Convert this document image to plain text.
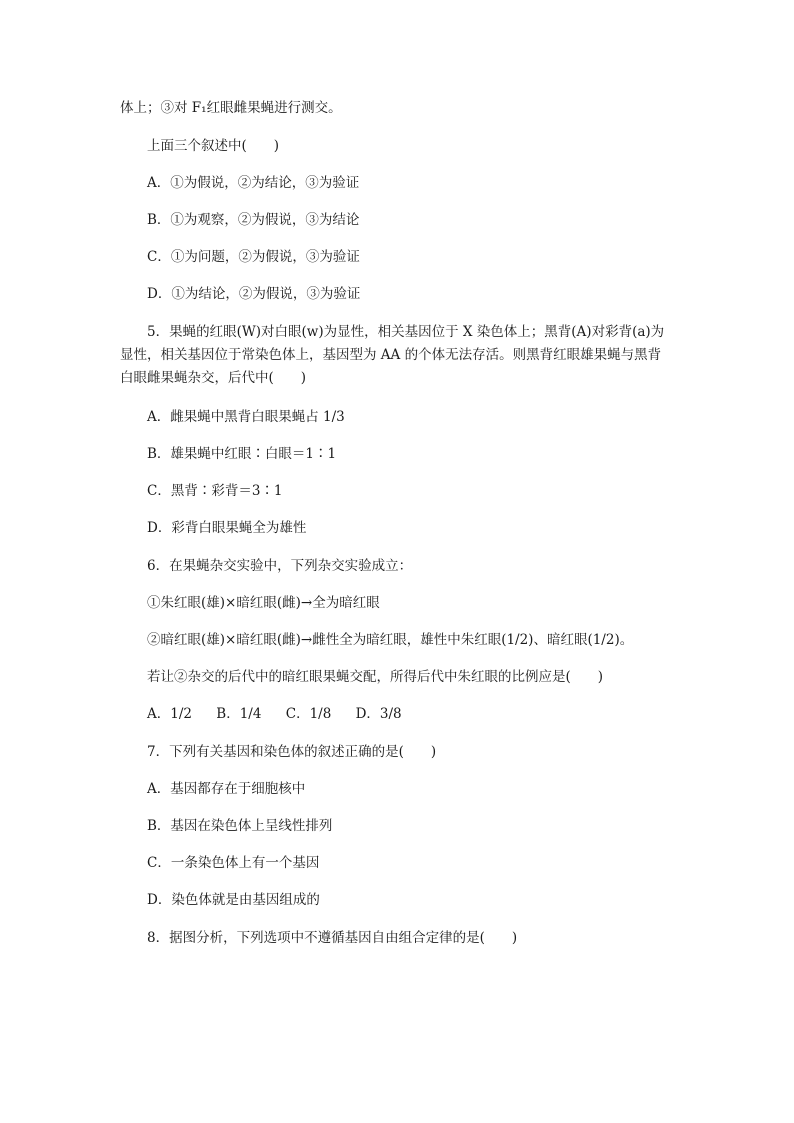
体上；③对 F₁红眼雌果蝇进行测交。
上面三个叙述中(　　)
A．①为假说，②为结论，③为验证
B．①为观察，②为假说，③为结论
C．①为问题，②为假说，③为验证
D．①为结论，②为假说，③为验证
5．果蝇的红眼(W)对白眼(w)为显性，相关基因位于 X 染色体上；黑背(A)对彩背(a)为
显性，相关基因位于常染色体上，基因型为 AA 的个体无法存活。则黑背红眼雄果蝇与黑背
白眼雌果蝇杂交，后代中(　　)
A．雌果蝇中黑背白眼果蝇占 1/3
B．雄果蝇中红眼∶白眼＝1∶1
C．黑背∶彩背＝3∶1
D．彩背白眼果蝇全为雄性
6．在果蝇杂交实验中，下列杂交实验成立：
①朱红眼(雄)×暗红眼(雌)→全为暗红眼
②暗红眼(雄)×暗红眼(雌)→雌性全为暗红眼，雄性中朱红眼(1/2)、暗红眼(1/2)。
若让②杂交的后代中的暗红眼果蝇交配，所得后代中朱红眼的比例应是(　　)
A．1/2 B．1/4 C．1/8 D．3/8
7．下列有关基因和染色体的叙述正确的是(　　)
A．基因都存在于细胞核中
B．基因在染色体上呈线性排列
C．一条染色体上有一个基因
D．染色体就是由基因组成的
8．据图分析，下列选项中不遵循基因自由组合定律的是(　　)
